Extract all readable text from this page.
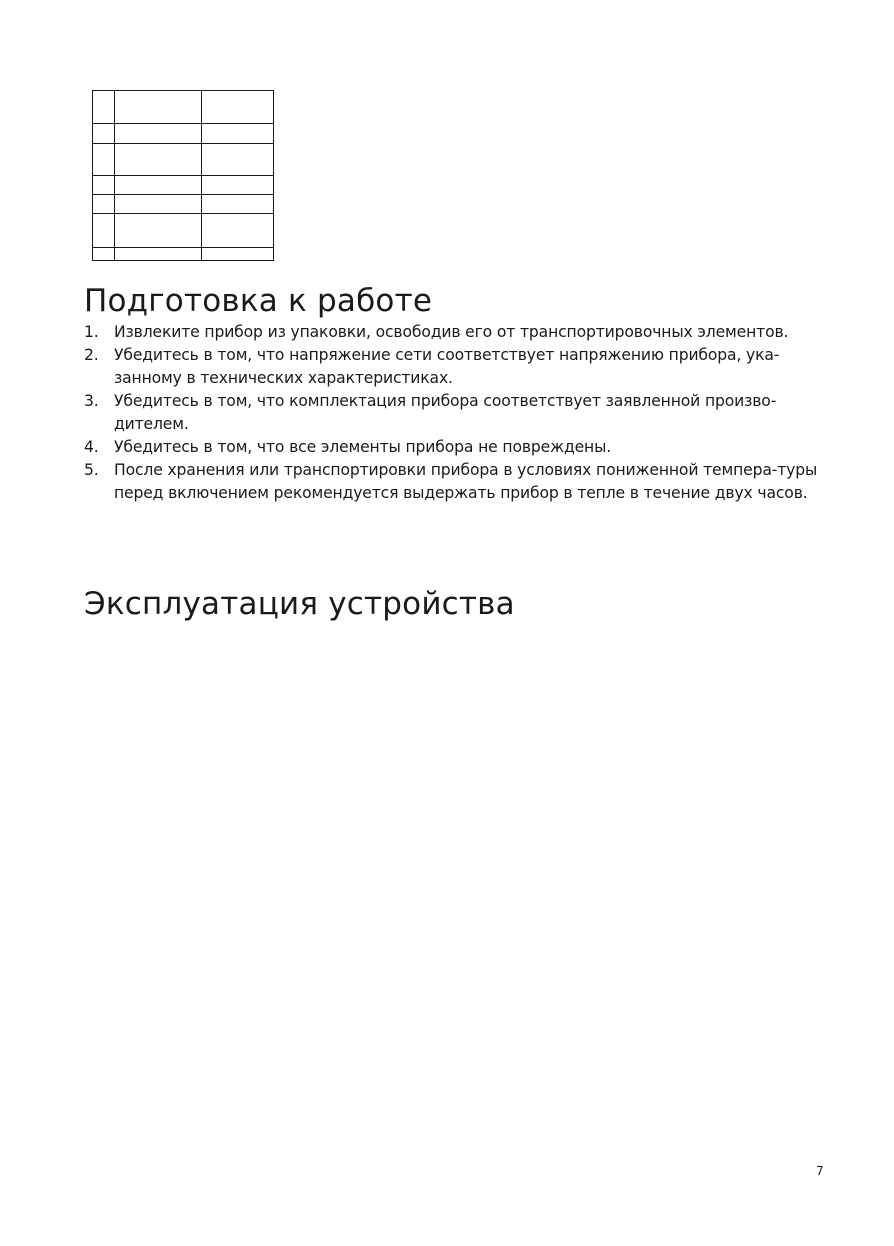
Подготовка к работе
1. Извлеките прибор из упаковки, освободив его от транспортировочных элементов.
2. Убедитесь в том, что напряжение сети соответствует напряжению прибора, ука-занному в технических характеристиках.
3. Убедитесь в том, что комплектация прибора соответствует заявленной произво-дителем.
4. Убедитесь в том, что все элементы прибора не повреждены.
5. После хранения или транспортировки прибора в условиях пониженной темпера-туры перед включением рекомендуется выдержать прибор в тепле в течение двух часов.
Эксплуатация устройства
7
